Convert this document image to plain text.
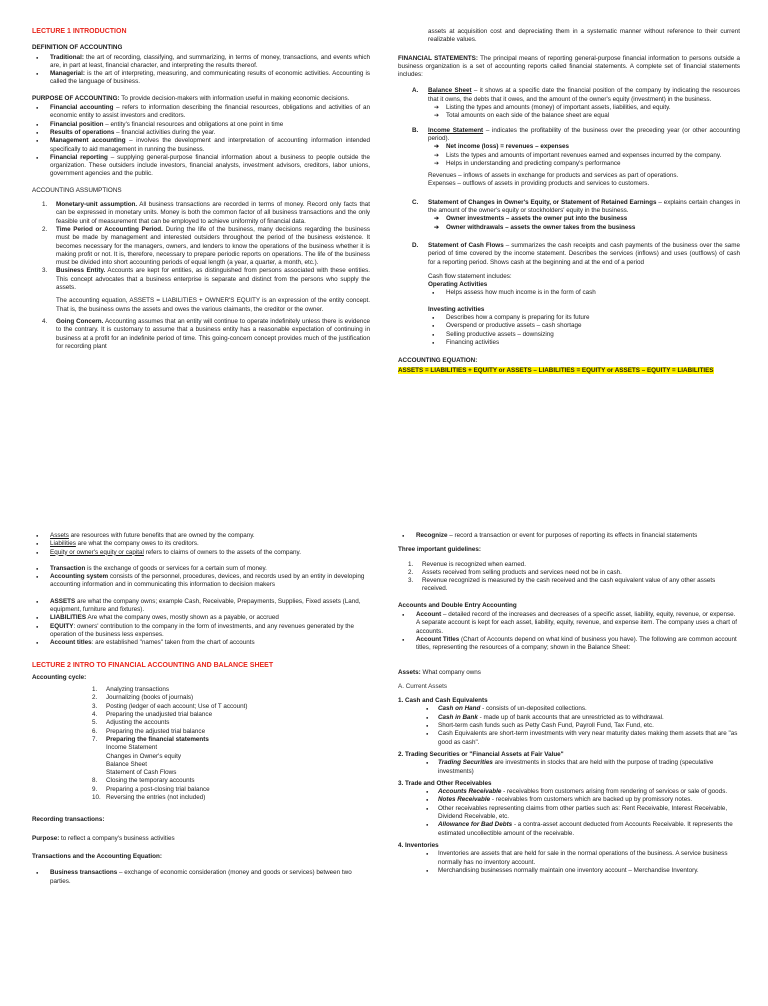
LECTURE 1 INTRODUCTION

DEFINITION OF ACCOUNTING

● Traditional: the art of recording, classifying, and summarizing, in terms of money, transactions, and events which are, in part at least, financial character, and interpreting the results thereof.
● Managerial: is the art of interpreting, measuring, and communicating results of economic activities. Accounting is called the language of business.

PURPOSE OF ACCOUNTING: To provide decision-makers with information useful in making economic decisions.

● Financial accounting – refers to information describing the financial resources, obligations and activities of an economic entity to assist investors and creditors.
● Financial position – entity's financial resources and obligations at one point in time
● Results of operations – financial activities during the year.
● Management accounting – involves the development and interpretation of accounting information intended specifically to aid management in running the business.
● Financial reporting – supplying general-purpose financial information about a business to people outside the organization. These outsiders include investors, financial analysts, investment advisors, creditors, labor unions, government agencies and the public.

ACCOUNTING ASSUMPTIONS

1. Monetary-unit assumption. All business transactions are recorded in terms of money. Record only facts that can be expressed in monetary units. Money is both the common factor of all business transactions and the only feasible unit of measurement that can be employed to achieve uniformity of financial data.
2. Time Period or Accounting Period. During the life of the business, many decisions regarding the business must be made by management and interested outsiders throughout the period of the business existence. It becomes necessary for the managers, owners, and lenders to know the operations of the business whether it is making profit or not. It is, therefore, necessary to prepare periodic reports on operations. The life of the business must be divided into short accounting periods of equal length (a year, a quarter, a month, etc.).
3. Business Entity. Accounts are kept for entities, as distinguished from persons associated with these entities. This concept advocates that a business enterprise is separate and distinct from the persons who supply the assets.

The accounting equation, ASSETS = LIABILITIES + OWNER'S EQUITY is an expression of the entity concept. That is, the business owns the assets and owes the various claimants, the creditor or the owner.

4. Going Concern. Accounting assumes that an entity will continue to operate indefinitely unless there is evidence to the contrary. It is customary to assume that a business entity has a reasonable expectation of continuing in business at a profit for an indefinite period of time. This going-concern concept provides much of the justification for recording plant

assets at acquisition cost and depreciating them in a systematic manner without reference to their current realizable values.

FINANCIAL STATEMENTS: The principal means of reporting general-purpose financial information to persons outside a business organization is a set of accounting reports called financial statements. A complete set of financial statements includes:

A. Balance Sheet – it shows at a specific date the financial position of the company by indicating the resources that it owns, the debts that it owes, and the amount of the owner's equity (investment) in the business.
➔ Listing the types and amounts (money) of important assets, liabilities, and equity.
➔ Total amounts on each side of the balance sheet are equal
B. Income Statement – indicates the profitability of the business over the preceding year (or other accounting period).
➔ Net income (loss) = revenues – expenses
➔ Lists the types and amounts of important revenues earned and expenses incurred by the company.
➔ Helps in understanding and predicting company's performance
Revenues – inflows of assets in exchange for products and services as part of operations.
Expenses – outflows of assets in providing products and services to customers.
C. Statement of Changes in Owner's Equity, or Statement of Retained Earnings – explains certain changes in the amount of the owner's equity or stockholders' equity in the business.
➔ Owner investments – assets the owner put into the business
➔ Owner withdrawals – assets the owner takes from the business
D. Statement of Cash Flows – summarizes the cash receipts and cash payments of the business over the same period of time covered by the income statement. Describes the services (inflows) and uses (outflows) of cash for a reporting period. Shows cash at the beginning and at the end of a period

Cash flow statement includes:

Operating Activities

● Helps assess how much income is in the form of cash

Investing activities

● Describes how a company is preparing for its future
● Overspend or productive assets – cash shortage
● Selling productive assets – downsizing
● Financing activities

ACCOUNTING EQUATION:

ASSETS = LIABILITIES + EQUITY or ASSETS – LIABILITIES = EQUITY or ASSETS – EQUITY = LIABILITIES

● Assets are resources with future benefits that are owned by the company.
● Liabilities are what the company owes to its creditors.
● Equity or owner's equity or capital refers to claims of owners to the assets of the company.
● Transaction is the exchange of goods or services for a certain sum of money.
● Accounting system consists of the personnel, procedures, devices, and records used by an entity in developing accounting information and in communicating this information to decision makers
● ASSETS are what the company owns; example Cash, Receivable, Prepayments, Supplies, Fixed assets (Land, equipment, furniture and fixtures).
● LIABILITIES Are what the company owes, mostly shown as a payable, or accrued
● EQUITY: owners' contribution to the company in the form of investments, and any revenues generated by the operation of the business less expenses.
● Account titles: are established "names" taken from the chart of accounts

LECTURE 2 INTRO TO FINANCIAL ACCOUNTING AND BALANCE SHEET

Accounting cycle:

1. Analyzing transactions
2. Journalizing (books of journals)
3. Posting (ledger of each account; Use of T account)
4. Preparing the unadjusted trial balance
5. Adjusting the accounts
6. Preparing the adjusted trial balance
7. Preparing the financial statements
Income Statement
Changes in Owner's equity
Balance Sheet
Statement of Cash Flows
8. Closing the temporary accounts
9. Preparing a post-closing trial balance
10. Reversing the entries (not included)

Recording transactions:

Purpose: to reflect a company's business activities

Transactions and the Accounting Equation:

● Business transactions – exchange of economic consideration (money and goods or services) between two parties.
● Recognize – record a transaction or event for purposes of reporting its effects in financial statements

Three important guidelines:

1. Revenue is recognized when earned.
2. Assets received from selling products and services need not be in cash.
3. Revenue recognized is measured by the cash received and the cash equivalent value of any other assets received.

Accounts and Double Entry Accounting

● Account – detailed record of the increases and decreases of a specific asset, liability, equity, revenue, or expense. A separate account is kept for each asset, liability, equity, revenue, and expense item. The company uses a chart of accounts.
● Account Titles (Chart of Accounts depend on what kind of business you have). The following are common account titles, representing the resources of a company; shown in the Balance Sheet:

Assets: What company owns

A. Current Assets

1. Cash and Cash Equivalents

● Cash on Hand - consists of un-deposited collections.
● Cash in Bank - made up of bank accounts that are unrestricted as to withdrawal.
● Short-term cash funds such as Petty Cash Fund, Payroll Fund, Tax Fund, etc.
● Cash Equivalents are short-term investments with very near maturity dates making them assets that are "as good as cash".

2. Trading Securities or "Financial Assets at Fair Value"

● Trading Securities are investments in stocks that are held with the purpose of trading (speculative investments)

3. Trade and Other Receivables

● Accounts Receivable - receivables from customers arising from rendering of services or sale of goods.
● Notes Receivable - receivables from customers which are backed up by promissory notes.
● Other receivables representing claims from other parties such as: Rent Receivable, Interest Receivable, Dividend Receivable, etc.
● Allowance for Bad Debts - a contra-asset account deducted from Accounts Receivable. It represents the estimated uncollectible amount of the receivable.

4. Inventories

● Inventories are assets that are held for sale in the normal operations of the business. A service business normally has no inventory account.
● Merchandising businesses normally maintain one inventory account – Merchandise Inventory.
